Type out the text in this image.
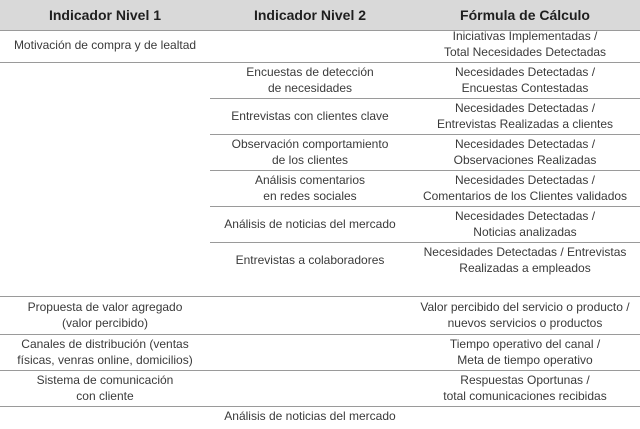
Indicador Nivel 1	Indicador Nivel 2	Fórmula de Cálculo
Motivación de compra y de lealtad
Iniciativas Implementadas /
Total Necesidades Detectadas
Encuestas de detección
de necesidades
Necesidades Detectadas /
Encuestas Contestadas
Entrevistas con clientes clave
Necesidades Detectadas /
Entrevistas Realizadas a clientes
Observación comportamiento
de los clientes
Necesidades Detectadas /
Observaciones Realizadas
Análisis comentarios
en redes sociales
Necesidades Detectadas /
Comentarios de los Clientes validados
Análisis de noticias del mercado
Necesidades Detectadas /
Noticias analizadas
Entrevistas a colaboradores
Necesidades Detectadas / Entrevistas
Realizadas a empleados
Propuesta de valor agregado
(valor percibido)
Valor percibido del servicio o producto /
nuevos servicios o productos
Canales de distribución (ventas
físicas, venras online, domicilios)
Tiempo operativo del canal /
Meta de tiempo operativo
Sistema de comunicación
con cliente
Respuestas Oportunas /
total comunicaciones recibidas
Análisis de noticias del mercado
